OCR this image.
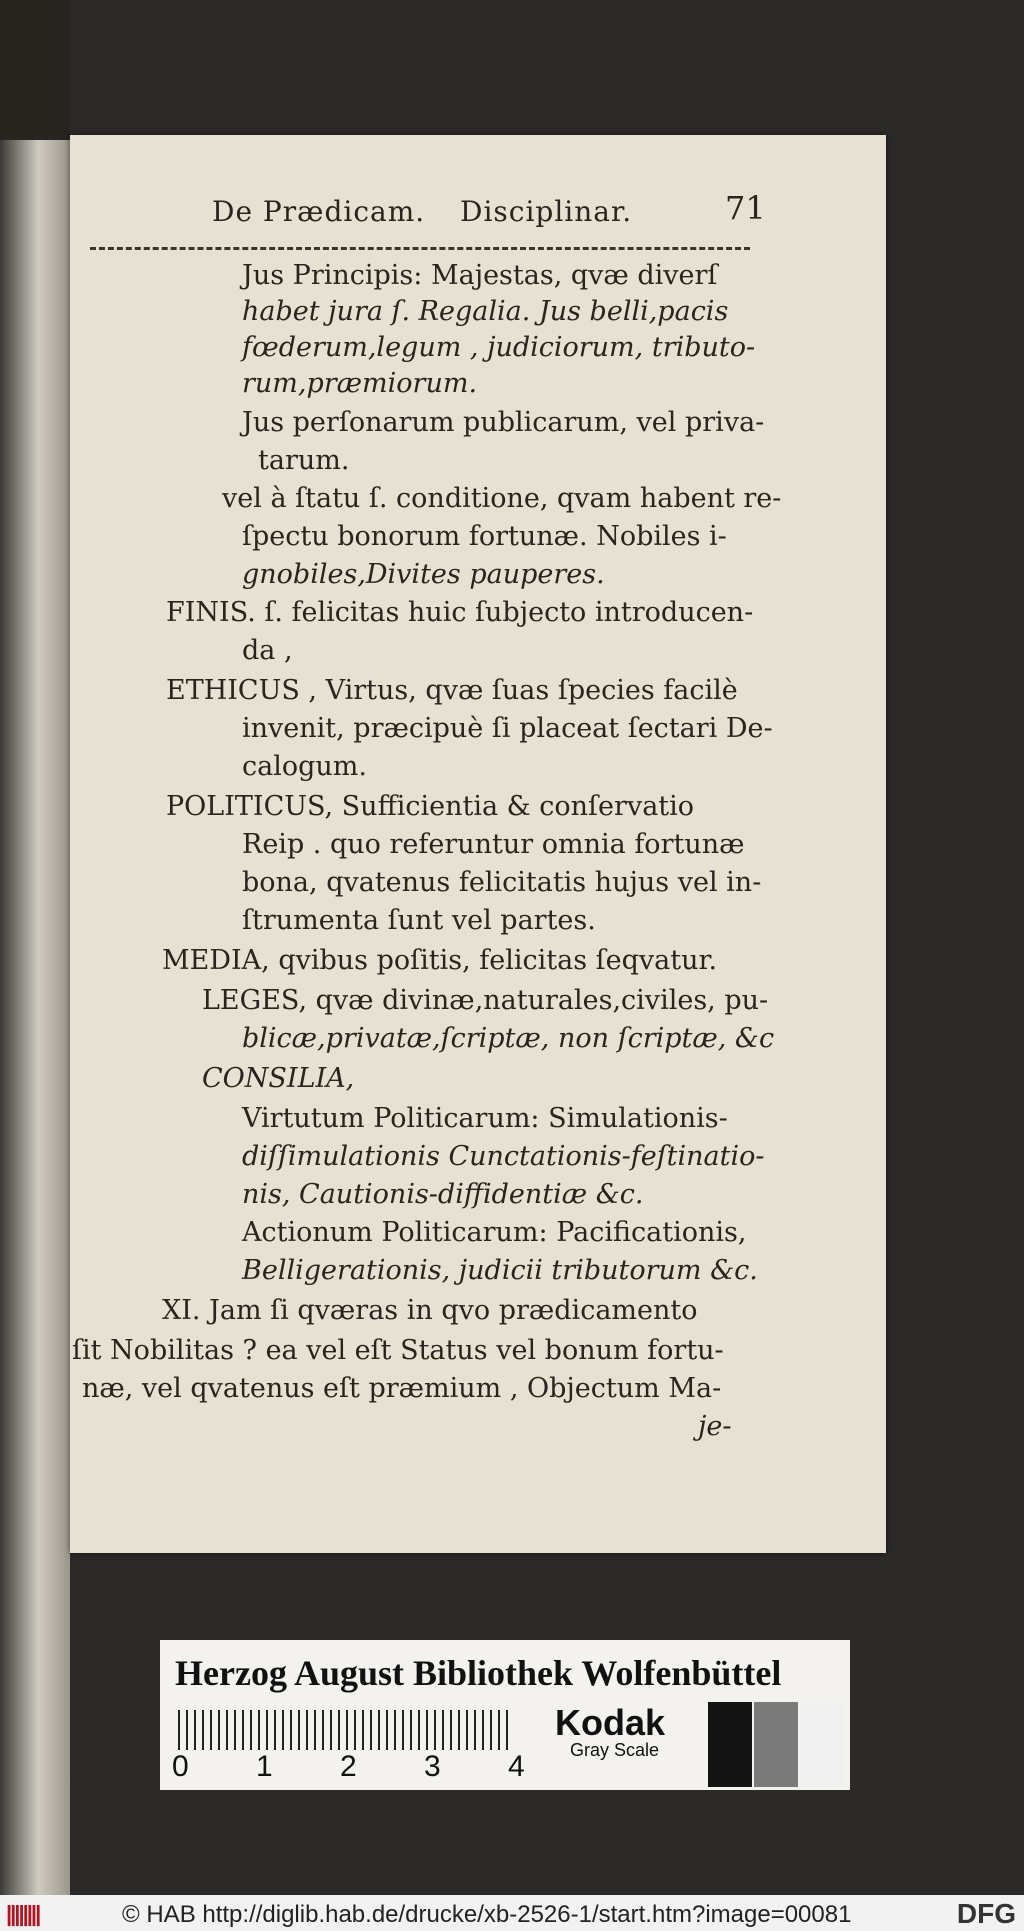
De Prædicam. Disciplinar.	71
Jus Principis: Majestas, qvæ diverſ
habet jura ſ. Regalia. Jus belli,pacis
fœderum,legum , judiciorum, tributo-
rum,præmiorum.
Jus perſonarum publicarum, vel priva-
tarum.
vel à ſtatu ſ. conditione, qvam habent re-
ſpectu bonorum fortunæ. Nobiles i-
gnobiles,Divites pauperes.
FINIS. ſ. felicitas huic ſubjecto introducen-
da ,
ETHICUS , Virtus, qvæ ſuas ſpecies facilè
invenit, præcipuè ſi placeat ſectari De-
calogum.
POLITICUS, Sufficientia & conſervatio
Reip . quo referuntur omnia fortunæ
bona, qvatenus felicitatis hujus vel in-
ſtrumenta ſunt vel partes.
MEDIA, qvibus poſitis, felicitas ſeqvatur.
LEGES, qvæ divinæ,naturales,civiles, pu-
blicæ,privatæ,ſcriptæ, non ſcriptæ, &c
CONSILIA,
Virtutum Politicarum: Simulationis-
diſſimulationis Cunctationis-feſtinatio-
nis, Cautionis-diffidentiæ &c.
Actionum Politicarum: Pacificationis,
Belligerationis, judicii tributorum &c.
XI. Jam ſi qværas in qvo prædicamento
ſit Nobilitas ? ea vel eſt Status vel bonum fortu-
næ, vel qvatenus eſt præmium , Objectum Ma-
je-
Herzog August Bibliothek Wolfenbüttel
0 1 2 3 4
Kodak
Gray Scale
||||||||	© HAB http://diglib.hab.de/drucke/xb-2526-1/start.htm?image=00081	DFG
